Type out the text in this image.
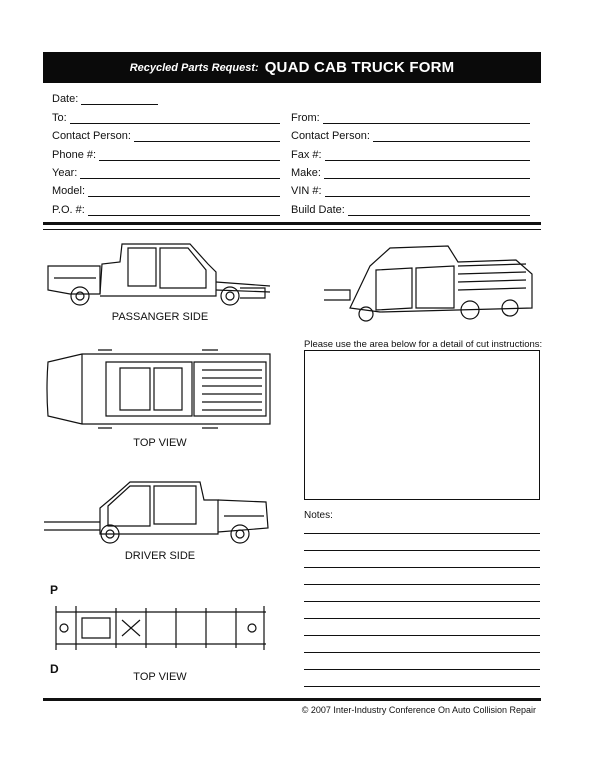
Recycled Parts Request: QUAD CAB TRUCK FORM
Date:
To:
Contact Person:
Phone #:
Year:
Model:
P.O. #:
From:
Contact Person:
Fax #:
Make:
VIN #:
Build Date:
PASSANGER SIDE
TOP VIEW
DRIVER SIDE
P
D
TOP VIEW
Please use the area below for a detail of cut instructions:
Notes:
© 2007 Inter-Industry Conference On Auto Collision Repair
